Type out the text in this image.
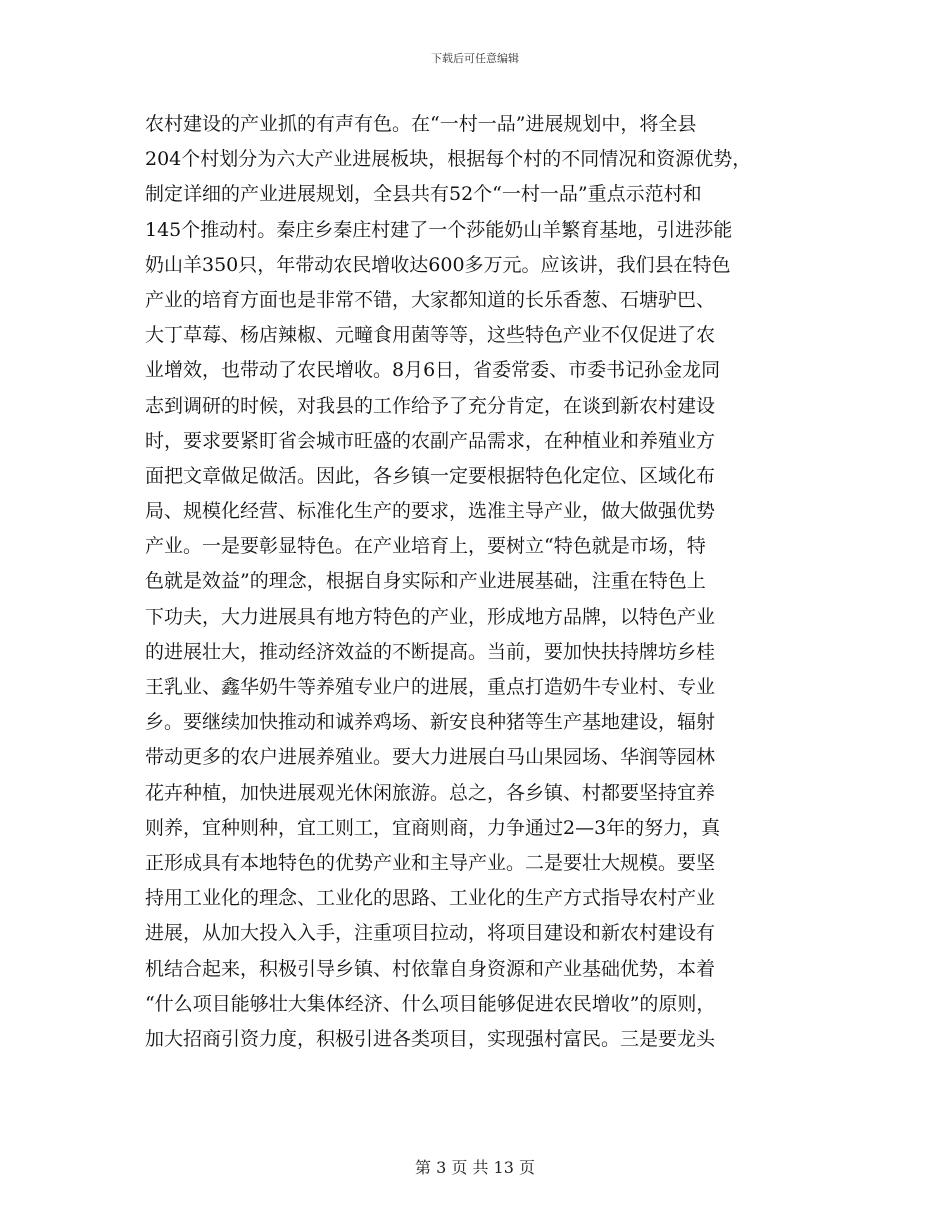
下载后可任意编辑

农村建设的产业抓的有声有色。在“一村一品”进展规划中，将全县
204个村划分为六大产业进展板块，根据每个村的不同情况和资源优势，
制定详细的产业进展规划，全县共有52个“一村一品”重点示范村和
145个推动村。秦庄乡秦庄村建了一个莎能奶山羊繁育基地，引进莎能
奶山羊350只，年带动农民增收达600多万元。应该讲，我们县在特色
产业的培育方面也是非常不错，大家都知道的长乐香葱、石塘驴巴、
大丁草莓、杨店辣椒、元疃食用菌等等，这些特色产业不仅促进了农
业增效，也带动了农民增收。8月6日，省委常委、市委书记孙金龙同
志到调研的时候，对我县的工作给予了充分肯定，在谈到新农村建设
时，要求要紧盯省会城市旺盛的农副产品需求，在种植业和养殖业方
面把文章做足做活。因此，各乡镇一定要根据特色化定位、区域化布
局、规模化经营、标准化生产的要求，选准主导产业，做大做强优势
产业。一是要彰显特色。在产业培育上，要树立“特色就是市场，特
色就是效益”的理念，根据自身实际和产业进展基础，注重在特色上
下功夫，大力进展具有地方特色的产业，形成地方品牌，以特色产业
的进展壮大，推动经济效益的不断提高。当前，要加快扶持牌坊乡桂
王乳业、鑫华奶牛等养殖专业户的进展，重点打造奶牛专业村、专业
乡。要继续加快推动和诚养鸡场、新安良种猪等生产基地建设，辐射
带动更多的农户进展养殖业。要大力进展白马山果园场、华润等园林
花卉种植，加快进展观光休闲旅游。总之，各乡镇、村都要坚持宜养
则养，宜种则种，宜工则工，宜商则商，力争通过2—3年的努力，真
正形成具有本地特色的优势产业和主导产业。二是要壮大规模。要坚
持用工业化的理念、工业化的思路、工业化的生产方式指导农村产业
进展，从加大投入入手，注重项目拉动，将项目建设和新农村建设有
机结合起来，积极引导乡镇、村依靠自身资源和产业基础优势，本着
“什么项目能够壮大集体经济、什么项目能够促进农民增收”的原则，
加大招商引资力度，积极引进各类项目，实现强村富民。三是要龙头

第 3 页 共 13 页
